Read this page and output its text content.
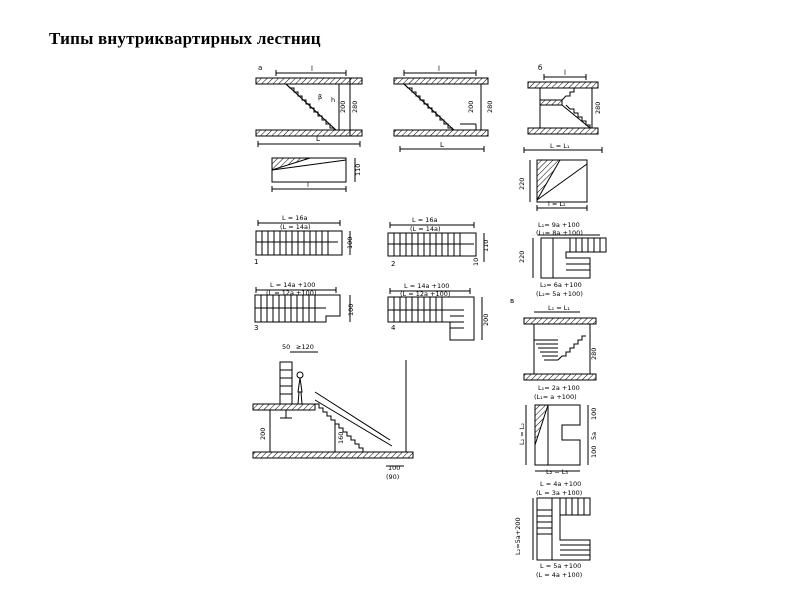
Типы внутриквартирных лестниц
а	l
L
β h
200 280
l
L
200 280
б
l
L = L₁
280
l
110
220
l = L₂
L = 16а
(L = 14а)
100
1
L = 16а
(L = 14а)
110
10
2
L₁= 9а +100
(L₁= 8а +100)
220
L₂= 6а +100
(L₂= 5а +100)
L = 14а +100
(L = 12а +100)
100
3
L = 14а +100
(L = 12а +100)
200
4
в
L₁ = L₁
280
L₁= 2а +100
(L₁= а +100)
L₂ = L₂
100
5а
100
L₂ = L₃
L = 4а +100
(L = 3а +100)
L₂=5а+200
L = 5а +100
(L = 4а +100)
50 ≥120
200	160
100
(90)
